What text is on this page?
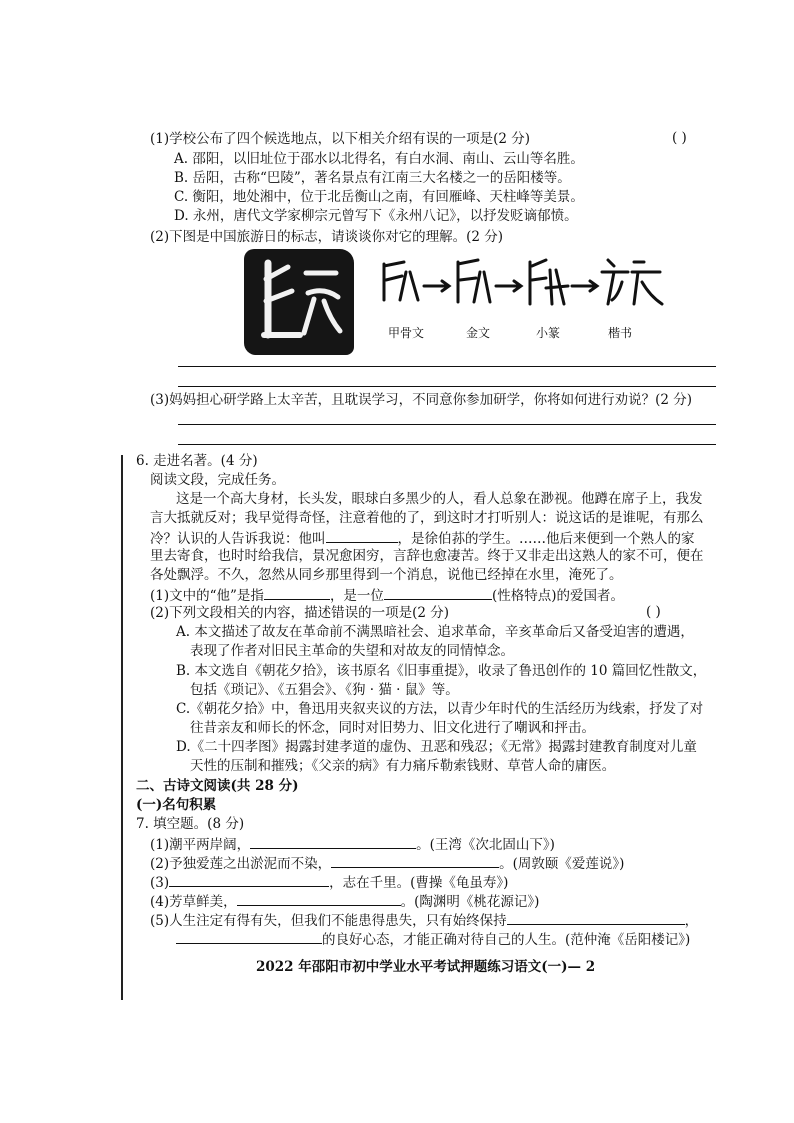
(1)学校公布了四个候选地点，以下相关介绍有误的一项是(2 分)	( )
A. 邵阳，以旧址位于邵水以北得名，有白水洞、南山、云山等名胜。
B. 岳阳，古称“巴陵”，著名景点有江南三大名楼之一的岳阳楼等。
C. 衡阳，地处湘中，位于北岳衡山之南，有回雁峰、天柱峰等美景。
D. 永州，唐代文学家柳宗元曾写下《永州八记》，以抒发贬谪郁愤。
(2)下图是中国旅游日的标志，请谈谈你对它的理解。(2 分)
甲骨文	金文	小篆	楷书
(3)妈妈担心研学路上太辛苦，且耽误学习，不同意你参加研学，你将如何进行劝说？(2 分)
6. 走进名著。(4 分)
阅读文段，完成任务。
这是一个高大身材，长头发，眼球白多黑少的人，看人总象在渺视。他蹲在席子上，我发
言大抵就反对；我早觉得奇怪，注意着他的了，到这时才打听别人：说这话的是谁呢，有那么
冷？认识的人告诉我说：他叫	，是徐伯荪的学生。……他后来便到一个熟人的家
里去寄食，也时时给我信，景况愈困穷，言辞也愈凄苦。终于又非走出这熟人的家不可，便在
各处飘浮。不久，忽然从同乡那里得到一个消息，说他已经掉在水里，淹死了。
(1)文中的“他”是指	，是一位	(性格特点)的爱国者。
(2)下列文段相关的内容，描述错误的一项是(2 分)	( )
A. 本文描述了故友在革命前不满黑暗社会、追求革命，辛亥革命后又备受迫害的遭遇，
表现了作者对旧民主革命的失望和对故友的同情悼念。
B. 本文选自《朝花夕拾》，该书原名《旧事重提》，收录了鲁迅创作的 10 篇回忆性散文，
包括《琐记》、《五猖会》、《狗 · 猫 · 鼠》等。
C.《朝花夕拾》中，鲁迅用夹叙夹议的方法，以青少年时代的生活经历为线索，抒发了对
往昔亲友和师长的怀念，同时对旧势力、旧文化进行了嘲讽和抨击。
D.《二十四孝图》揭露封建孝道的虚伪、丑恶和残忍；《无常》揭露封建教育制度对儿童
天性的压制和摧残；《父亲的病》有力痛斥勒索钱财、草菅人命的庸医。
二、古诗文阅读(共 28 分)
(一)名句积累
7. 填空题。(8 分)
(1)潮平两岸阔，	。(王湾《次北固山下》)
(2)予独爱莲之出淤泥而不染，	。(周敦颐《爱莲说》)
(3)	，志在千里。(曹操《龟虽寿》)
(4)芳草鲜美，	。(陶渊明《桃花源记》)
(5)人生注定有得有失，但我们不能患得患失，只有始终保持	，
的良好心态，才能正确对待自己的人生。(范仲淹《岳阳楼记》)
2022 年邵阳市初中学业水平考试押题练习语文(一)— 2
